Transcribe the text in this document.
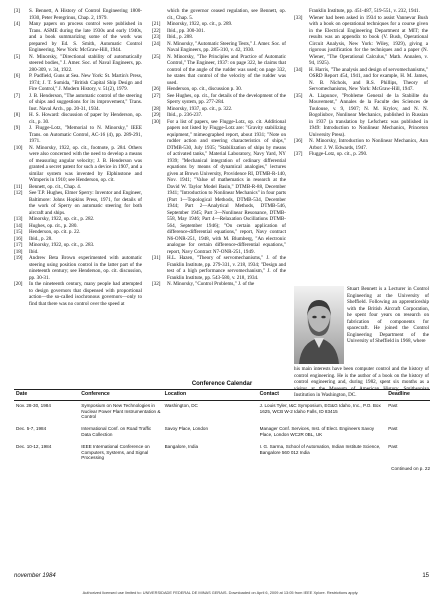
[3]	S. Bennett, A History of Control Engineering 1800-1930, Peter Peregrinus, Chap. 2, 1979.
[4]	Many papers on process control were published in Trans. ASME during the late 1930s and early 1940s, and a book summarizing some of the work was prepared by Ed. S. Smith, Automatic Control Engineering, New York: McGraw-Hill, 1944.
[5]	N. Minorsky, "Directional stability of automatically steered bodies," J. Amer. Soc. of Naval Engineers, pp. 280-309, v. 34, 1922.
[6]	P. Padfield, Guns at Sea. New York: St. Martin's Press, 1974; J. T. Sumida, "British Capital Ship Design and Fire Control," J. Modern History, v. 51(2), 1979.
[7]	J. B. Henderson, "The automatic control of the steering of ships and suggestions for its improvement," Trans. Inst. Naval Arch., pp. 20-31, 1934.
[8]	H. S. Howard: discussion of paper by Henderson, op. cit., p. 30.
[9]	J. Flugge-Lotz, "Memorial to N. Minorsky," IEEE Trans. on Automatic Control, AC-16 (4), pp. 289-291, 1971.
[10]	N. Minorsky, 1922, op. cit., footnote, p. 284. Others were also concerned with the need to develop a means of measuring angular velocity; J. B. Henderson was granted a secret patent for such a device in 1907, and a similar system was invented by Elphinstone and Wimperis in 1910; see Henderson, op. cit.
[11]	Bennett, op. cit., Chap. 4.
[12]	See T.P. Hughes, Elmer Sperry: Inventor and Engineer, Baltimore: Johns Hopkins Press, 1971, for details of the work of Sperry on automatic steering for both aircraft and ships.
[13]	Minorsky, 1922, op. cit., p. 282.
[14]	Hughes, op. cit., p. 280.
[15]	Henderson, op. cit. p. 22.
[16]	Ibid., p. 28.
[17]	Minorsky, 1922, op. cit., p. 283.
[18]	Ibid.
[19]	Andrew Beta Brown experimented with automatic steering using position control in the latter part of the nineteenth century; see Henderson, op. cit. discussion, pp. 30-31.
[20]	In the nineteenth century, many people had attempted to design governors that dispensed with proportional action—the so-called isochronous governors—only to find that there was no control over the speed at
which the governor ceased regulation, see Bennett, op. cit., Chap. 5.
[21]	Minorsky, 1922, op. cit., p. 289.
[22]	Ibid., pp. 300-301.
[23]	Ibid., p. 288.
[24]	N. Minorsky, "Automatic Steering Tests," J. Amer. Soc. of Naval Engineers, pp. 285-310, v. 42, 1930.
[25]	N. Minorsky, "The Principles and Practice of Automatic Control," The Engineer, 1937: on page 322, he claims that control of the angle of the rudder was used; on page 332, he states that control of the velocity of the rudder was used.
[26]	Henderson, op. cit., discussion p. 30.
[27]	See Hughes, op. cit., for details of the development of the Sperry system, pp. 277-284.
[28]	Minorsky, 1937, op. cit., p. 322.
[29]	Ibid., p. 236-237.
[30]	For a list of papers, see Flugge-Lotz, op. cit. Additional papers not listed by Flugge-Lotz are: "Gravity stabilizing equipment," mimeographed report, about 1931; "Note on rudder action and steering characteristics of ships," DTMB-530, July 1935; "Stabilization of ships by means of activated tanks," Material Laboratory, Navy Yard, NY 1939; "Mechanical integration of ordinary differential equations by means of dynamical analogies," lectures given at Brown University, Providence RI, DTMB-R-140, Nov. 1941; "Value of mathematics in research at the David W. Taylor Model Basin," DTMB-R-88, December 1941; "Introduction to Nonlinear Mechanics" in four parts (Part 1—Topological Methods, DTMB-534, December 1944; Part 2—Analytical Methods, DTMB-546, September 1945; Part 3—Nonlinear Resonance, DTMB-558, May 1946; Part 4—Relaxation Oscillations DTMB-564, September 1946); "On certain application of difference-differential equations," report, Navy contract N6-ONR-251, 1948, with M. Blumberg, "An electronic analogue for certain difference-differential equations," report, Navy Contract N7-ONR-251, 1949.
[31]	H.L. Hazen, "Theory of servomechanisms," J. of the Franklin Institute, pp. 279-331, v. 218, 1934; "Design and test of a high performance servomechanism," J. of the Franklin Institute, pp. 543-580, v. 218, 1934.
[32]	N. Minorsky, "Control Problems," J. of the
Franklin Institute, pp. 451-487, 519-551, v. 232, 1941.
[33]	Wiener had been asked in 1934 to assist Vannevar Bush with a book on operational techniques for a course given in the Electrical Engineering Department at MIT; the results was an appendix to book (V. Bush, Operational Circuit Analysis, New York: Wiley, 1929), giving a rigorous justification for the techniques and a paper (N. Wiener, "The Operational Calculus," Math. Annalen, v. 94, 1925).
[34]	H. Harris, "The analysis and design of servomechanisms," OSRD Report 454, 1941, and for example, H. M. James, N. B. Nichols, and R.S. Phillips, Theory of Servomechanisms, New York: McGraw-Hill, 1947.
[35]	A. Liapunov, "Probleme General de la Stabilite du Mouvement," Annales de la Faculte des Sciences de Toulouse, v. 9, 1907; N. M. Krylov, and N. N. Bogoliubov, Nonlinear Mechanics, published in Russian in 1937 (a translation by Lefschetz was published in 1949: Introduction to Nonlinear Mechanics, Princeton University Press).
[36]	N. Minorsky, Introduction to Nonlinear Mechanics, Ann Arbor: J. W. Edwards, 1947.
[37]	Flugge-Lotz, op. cit., p. 290.
Stuart Bennett is a Lecturer in Control Engineering at the University of Sheffield. Following an apprenticeship with the British Aircraft Corporation, he spent four years on research on fabrication of components for spacecraft. He joined the Control Engineering Department of the University of Sheffield in 1968, where
his main interests have been computer control and the history of control engineering. He is the author of a book on the history of control engineering and, during 1982, spent six months as a visitor at the Museum of American History, Smithsonian Institution in Washington, DC.
Conference Calendar
Date	Conference	Location	Contact	Deadline
Nov. 28-30, 1984	Symposium on New Technologies in Nuclear Power Plant Instrumentation & Control	Washington, DC	J. Louis Tyler, I&C Symposium, EG&G Idaho, Inc., P.O. Box 1625, WCB W-2 Idaho Falls, ID 83415	Past
Dec. 5-7, 1984	International Conf. on Road Traffic Data Collection	Savoy Place, London	Manager Conf. Services, Inst. of Elect. Engineers Savoy Place, London WC2R 0BL, UK	Past
Dec. 10-12, 1984	IEEE International Conference on Computers, Systems, and Signal Processing	Bangalore, India	I. G. Sarma, School of Automation, Indian Institute Science, Bangalore 560 012 India	Past
Continued on p. 22
november 1984	15
Authorized licensed use limited to: UNIVERSIDADE FEDERAL DE MINAS GERAIS. Downloaded on April 6, 2009 at 13:05 from IEEE Xplore. Restrictions apply.
